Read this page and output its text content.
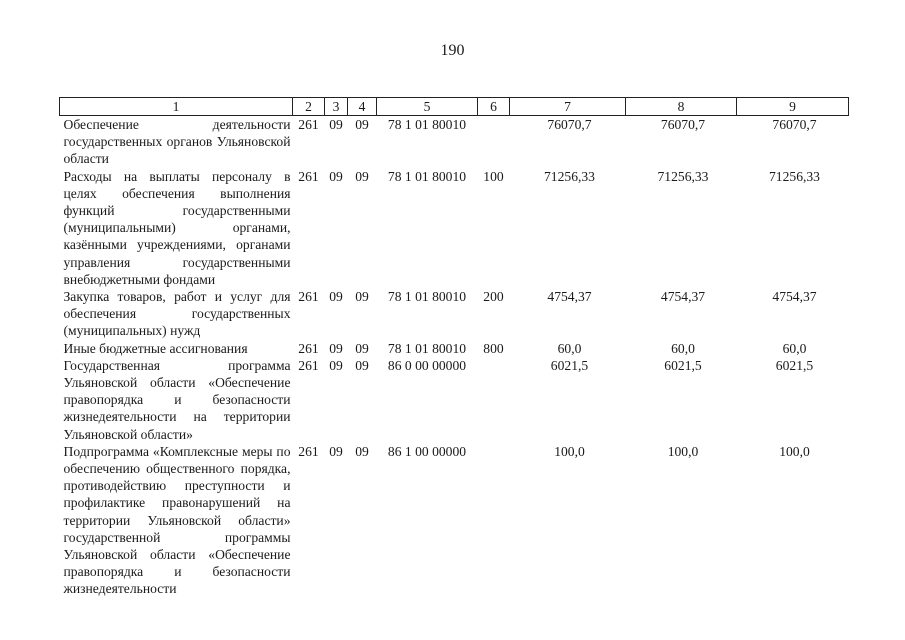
190
1	2	3	4	5	6	7	8	9
Обеспечение деятельности государственных органов Ульяновской области	261	09	09	78 1 01 80010		76070,7	76070,7	76070,7
Расходы на выплаты персоналу в целях обеспечения выполнения функций государственными (муниципальными) органами, казёнными учреждениями, органами управления государственными внебюджетными фондами	261	09	09	78 1 01 80010	100	71256,33	71256,33	71256,33
Закупка товаров, работ и услуг для обеспечения государственных (муниципальных) нужд	261	09	09	78 1 01 80010	200	4754,37	4754,37	4754,37
Иные бюджетные ассигнования	261	09	09	78 1 01 80010	800	60,0	60,0	60,0
Государственная программа Ульяновской области «Обеспечение правопорядка и безопасности жизнедеятельности на территории Ульяновской области»	261	09	09	86 0 00 00000		6021,5	6021,5	6021,5
Подпрограмма «Комплексные меры по обеспечению общественного порядка, противодействию преступности и профилактике правонарушений на территории Ульяновской области» государственной программы Ульяновской области «Обеспечение правопорядка и безопасности жизнедеятельности	261	09	09	86 1 00 00000		100,0	100,0	100,0
